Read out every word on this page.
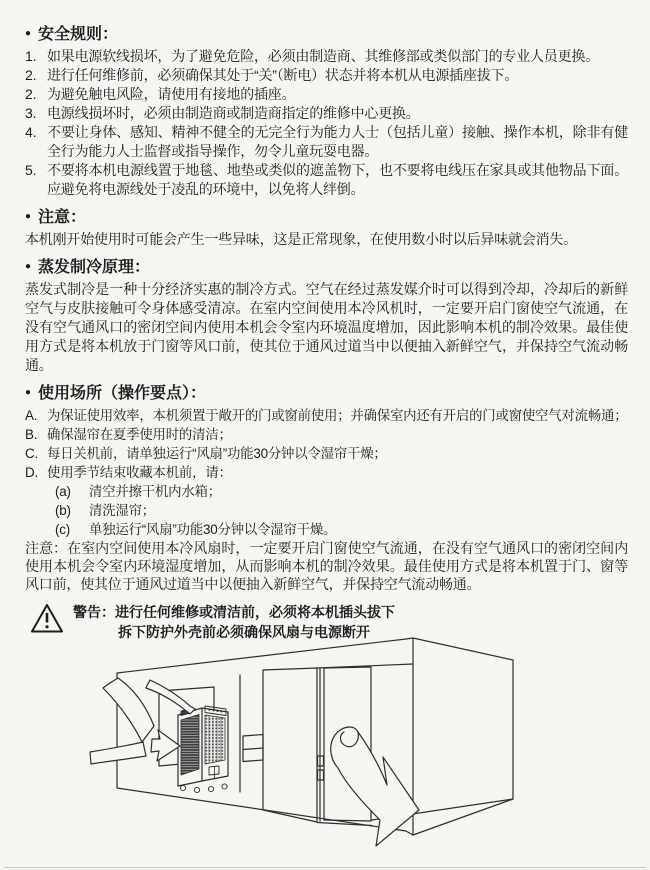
● 安全规则：
1. 如果电源软线损坏，为了避免危险，必须由制造商、其维修部或类似部门的专业人员更换。
2. 进行任何维修前，必须确保其处于“关”（断电）状态并将本机从电源插座拔下。
2. 为避免触电风险，请使用有接地的插座。
3. 电源线损坏时，必须由制造商或制造商指定的维修中心更换。
4. 不要让身体、感知、精神不健全的无完全行为能力人士（包括儿童）接触、操作本机，除非有健全行为能力人士监督或指导操作，勿令儿童玩耍电器。
5. 不要将本机电源线置于地毯、地垫或类似的遮盖物下，也不要将电线压在家具或其他物品下面。应避免将电源线处于凌乱的环境中，以免将人绊倒。
● 注意：

本机刚开始使用时可能会产生一些异味，这是正常现象，在使用数小时以后异味就会消失。

● 蒸发制冷原理：

蒸发式制冷是一种十分经济实惠的制冷方式。空气在经过蒸发媒介时可以得到冷却，冷却后的新鲜空气与皮肤接触可令身体感受清凉。在室内空间使用本冷风机时，一定要开启门窗使空气流通，在没有空气通风口的密闭空间内使用本机会令室内环境温度增加，因此影响本机的制冷效果。最佳使用方式是将本机放于门窗等风口前，使其位于通风过道当中以便抽入新鲜空气，并保持空气流动畅通。

● 使用场所（操作要点）：
A. 为保证使用效率，本机须置于敞开的门或窗前使用；并确保室内还有开启的门或窗使空气对流畅通；
B. 确保湿帘在夏季使用时的清洁；
C. 每日关机前，请单独运行“风扇”功能30分钟以令湿帘干燥；
D. 使用季节结束收藏本机前，请：
(a)	清空并擦干机内水箱；
(b)	清洗湿帘；
(c)	单独运行“风扇”功能30分钟以令湿帘干燥。

注意：在室内空间使用本冷风扇时，一定要开启门窗使空气流通，在没有空气通风口的密闭空间内使用本机会令室内环境湿度增加，从而影响本机的制冷效果。最佳使用方式是将本机置于门、窗等风口前，使其位于通风过道当中以便抽入新鲜空气，并保持空气流动畅通。

警告：进行任何维修或清洁前，必须将本机插头拔下
拆下防护外壳前必须确保风扇与电源断开
